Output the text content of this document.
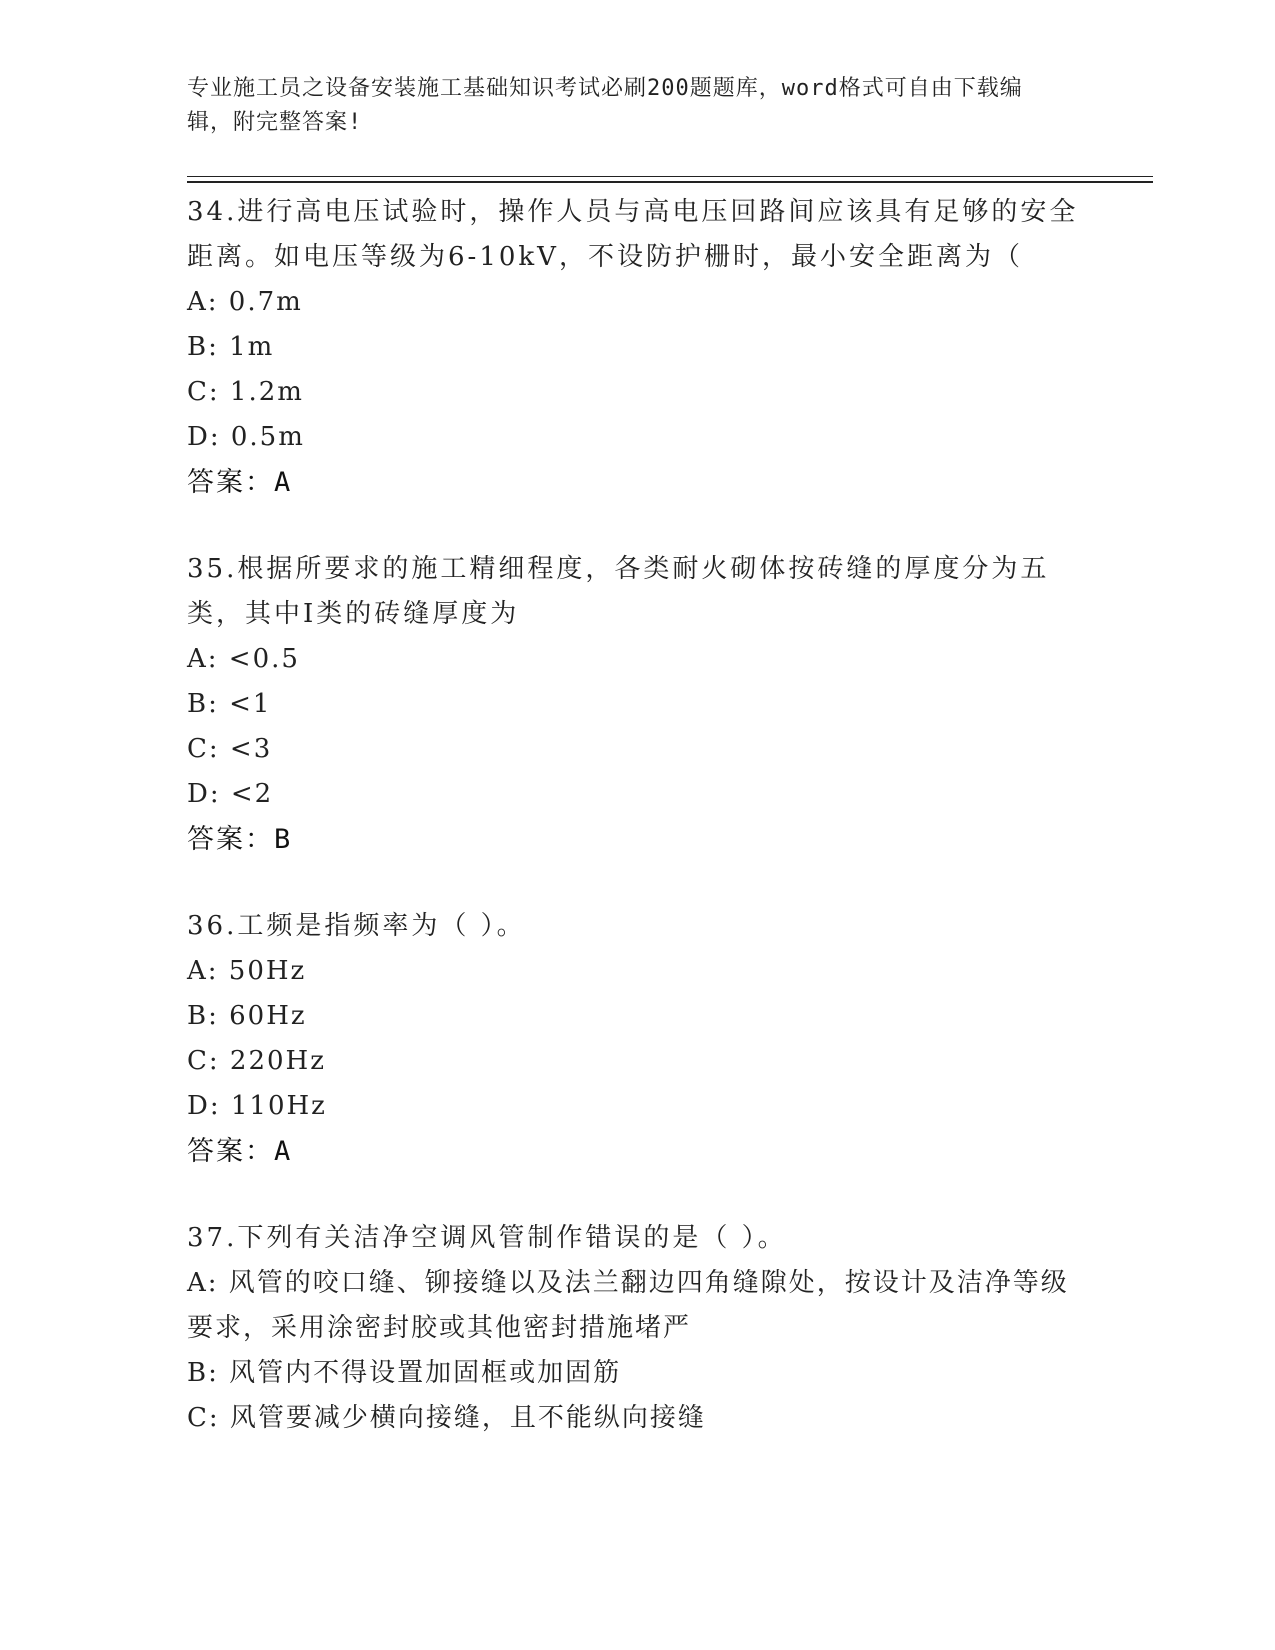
专业施工员之设备安装施工基础知识考试必刷200题题库，word格式可自由下载编辑，附完整答案!
34.进行高电压试验时，操作人员与高电压回路间应该具有足够的安全距离。如电压等级为6-10kV，不设防护栅时，最小安全距离为（
A: 0.7m
B: 1m
C: 1.2m
D: 0.5m
答案：A
35.根据所要求的施工精细程度，各类耐火砌体按砖缝的厚度分为五类，其中Ⅰ类的砖缝厚度为
A: <0.5
B: <1
C: <3
D: <2
答案：B
36.工频是指频率为（ ）。
A: 50Hz
B: 60Hz
C: 220Hz
D: 110Hz
答案：A
37.下列有关洁净空调风管制作错误的是（ ）。
A: 风管的咬口缝、铆接缝以及法兰翻边四角缝隙处，按设计及洁净等级要求，采用涂密封胶或其他密封措施堵严
B: 风管内不得设置加固框或加固筋
C: 风管要减少横向接缝，且不能纵向接缝
